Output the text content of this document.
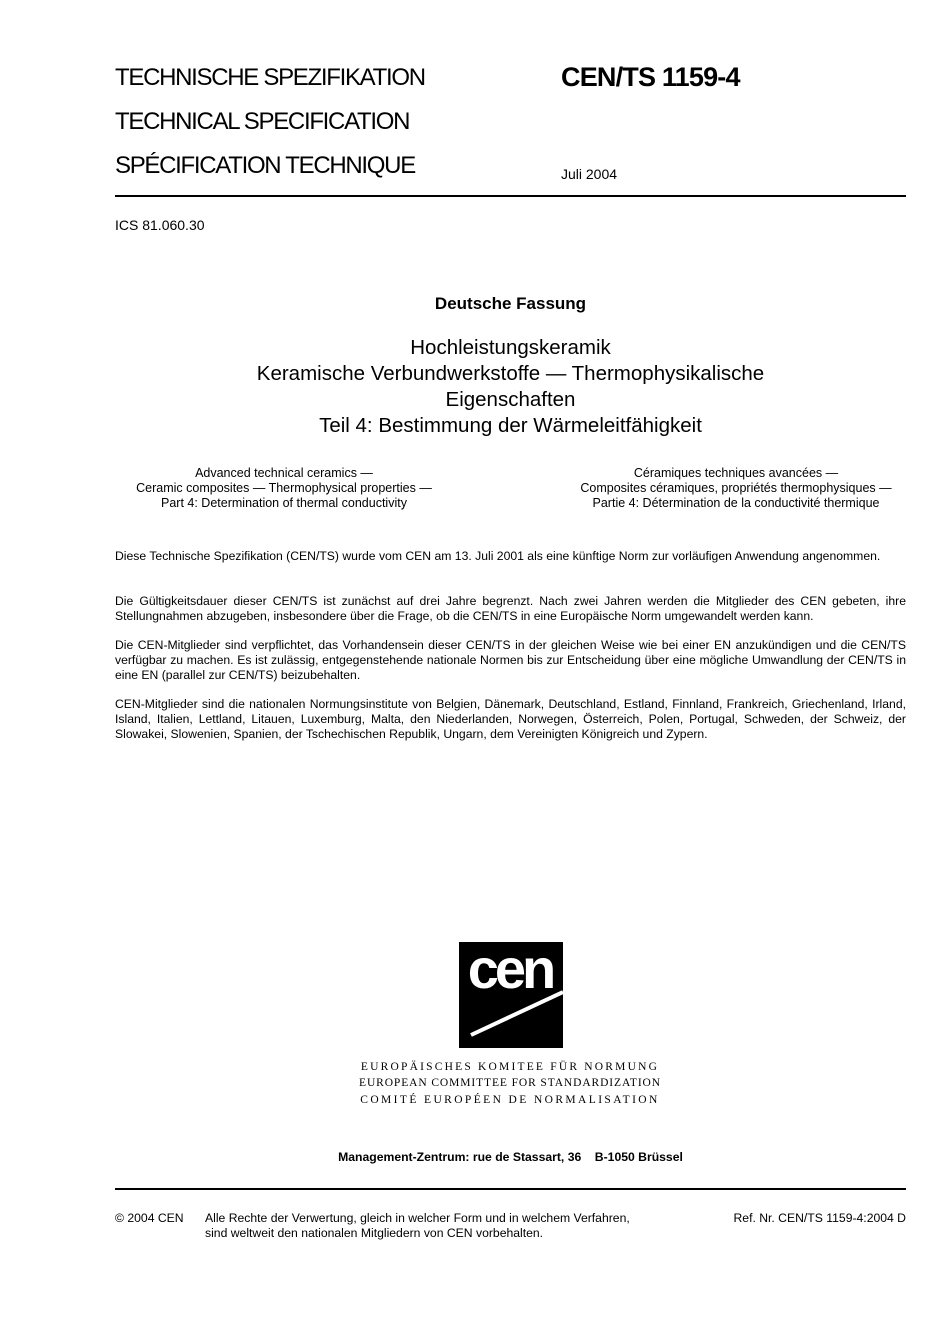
TECHNISCHE SPEZIFIKATION
TECHNICAL SPECIFICATION
SPÉCIFICATION TECHNIQUE
CEN/TS 1159-4
Juli 2004
ICS 81.060.30
Deutsche Fassung
Hochleistungskeramik
Keramische Verbundwerkstoffe — Thermophysikalische
Eigenschaften
Teil 4: Bestimmung der Wärmeleitfähigkeit
Advanced technical ceramics —
Ceramic composites — Thermophysical properties —
Part 4: Determination of thermal conductivity
Céramiques techniques avancées —
Composites céramiques, propriétés thermophysiques —
Partie 4: Détermination de la conductivité thermique
Diese Technische Spezifikation (CEN/TS) wurde vom CEN am 13. Juli 2001 als eine künftige Norm zur vorläufigen Anwendung angenommen.
Die Gültigkeitsdauer dieser CEN/TS ist zunächst auf drei Jahre begrenzt. Nach zwei Jahren werden die Mitglieder des CEN gebeten, ihre Stellungnahmen abzugeben, insbesondere über die Frage, ob die CEN/TS in eine Europäische Norm umgewandelt werden kann.
Die CEN-Mitglieder sind verpflichtet, das Vorhandensein dieser CEN/TS in der gleichen Weise wie bei einer EN anzukündigen und die CEN/TS verfügbar zu machen. Es ist zulässig, entgegenstehende nationale Normen bis zur Entscheidung über eine mögliche Umwandlung der CEN/TS in eine EN (parallel zur CEN/TS) beizubehalten.
CEN-Mitglieder sind die nationalen Normungsinstitute von Belgien, Dänemark, Deutschland, Estland, Finnland, Frankreich, Griechenland, Irland, Island, Italien, Lettland, Litauen, Luxemburg, Malta, den Niederlanden, Norwegen, Österreich, Polen, Portugal, Schweden, der Schweiz, der Slowakei, Slowenien, Spanien, der Tschechischen Republik, Ungarn, dem Vereinigten Königreich und Zypern.
cen
EUROPÄISCHES KOMITEE FÜR NORMUNG
EUROPEAN COMMITTEE FOR STANDARDIZATION
COMITÉ EUROPÉEN DE NORMALISATION
Management-Zentrum: rue de Stassart, 36    B-1050 Brüssel
© 2004 CEN Alle Rechte der Verwertung, gleich in welcher Form und in welchem Verfahren, sind weltweit den nationalen Mitgliedern von CEN vorbehalten.
Ref. Nr. CEN/TS 1159-4:2004 D
